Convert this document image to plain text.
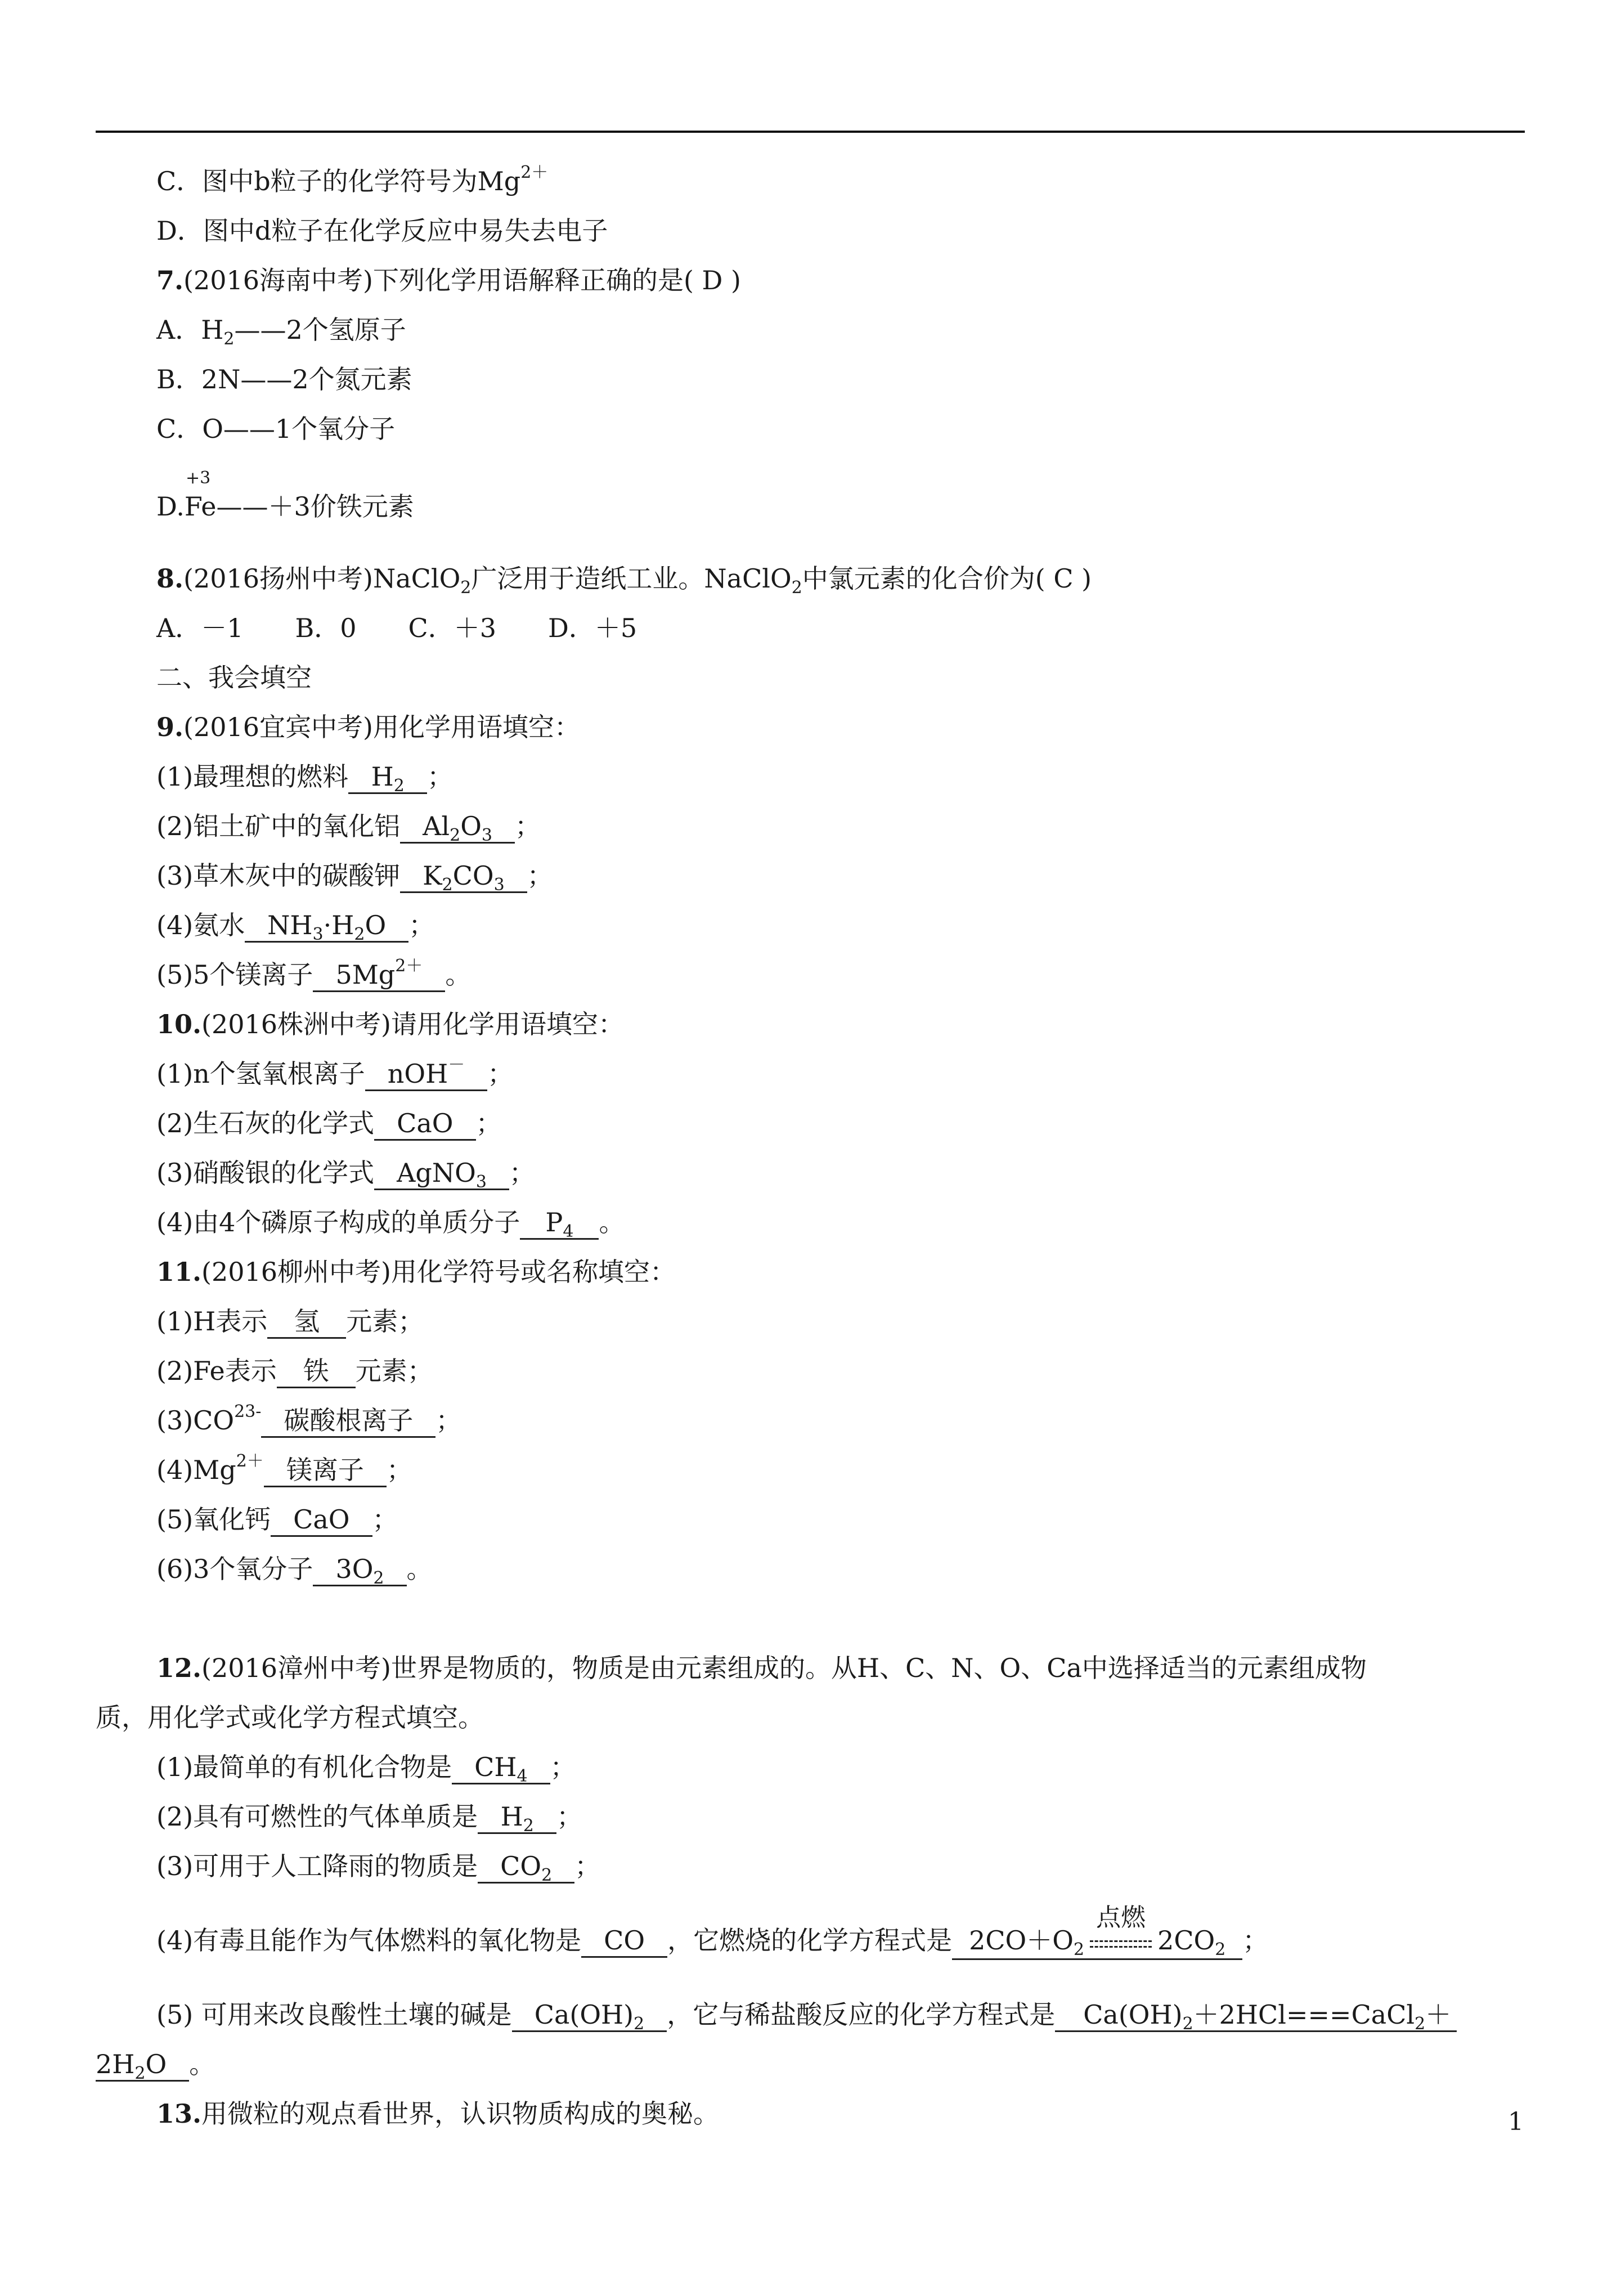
C．图中b粒子的化学符号为$Mg^{2+}$
D．图中d粒子在化学反应中易失去电子
7.(2016海南中考)下列化学用语解释正确的是( D )
A．$H_2——2$个氢原子
B．2N——2个氮元素
C．O——1个氧分子
+3
D.Fe——＋3价铁元素
8.(2016扬州中考)NaClO$_2$广泛用于造纸工业。NaClO$_2$中氯元素的化合价为( C )
A．－1　　B．0　　C．＋3　　D．＋5
二、我会填空
9.(2016宜宾中考)用化学用语填空：
(1)最理想的燃料 $H_2$ ；
(2)铝土矿中的氧化铝 $Al_2O_3$ ；
(3)草木灰中的碳酸钾 $K_2CO_3$ ；
(4)氨水 $NH_3\cdot H_2O$ ；
(5)5个镁离子 $5Mg^{2+}$ 。
10.(2016株洲中考)请用化学用语填空：
(1)n个氢氧根离子 nOH－ ；
(2)生石灰的化学式 CaO ；
(3)硝酸银的化学式 AgNO$_3$ ；
(4)由4个磷原子构成的单质分子 $P_4$ 。
11.(2016柳州中考)用化学符号或名称填空：
(1)H表示 氢 元素；
(2)Fe表示 铁 元素；
$(3)CO^{23-}$ 碳酸根离子 ；
$(4)Mg^{2+}$ 镁离子 ；
(5)氧化钙 CaO ；
(6)3个氧分子 $3O_2$ 。
12.(2016漳州中考)世界是物质的，物质是由元素组成的。从H、C、N、O、Ca中选择适当的元素组成物
质，用化学式或化学方程式填空。
(1)最简单的有机化合物是 $CH_4$ ；
(2)具有可燃性的气体单质是 $H_2$ ；
(3)可用于人工降雨的物质是 $CO_2$ ；
(4)有毒且能作为气体燃料的氧化物是 CO ，它燃烧的化学方程式是 $2CO+O_2$
点燃
$2CO_2$ ；
(5) 可用来改良酸性土壤的碱是 $Ca(OH)_2$ ，它与稀盐酸反应的化学方程式是 $Ca(OH)_2+2HCl===CaCl_2+$
$2H_2O$ 。
13.用微粒的观点看世界，认识物质构成的奥秘。	1
